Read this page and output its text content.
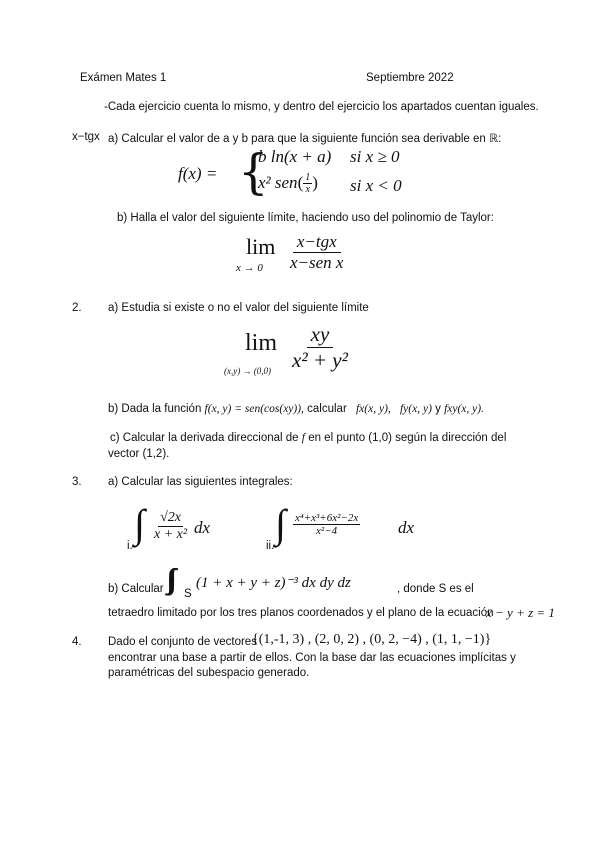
Exámen Mates 1	Septiembre 2022
-Cada ejercicio cuenta lo mismo, y dentro del ejercicio los apartados cuentan iguales.
x−tgx a) Calcular el valor de a y b para que la siguiente función sea derivable en ℝ:
f(x) = {
b ln(x + a) si x ≥ 0
x² $sen( \frac{1}{x}$ ) si x < 0
b) Halla el valor del siguiente límite, haciendo uso del polinomio de Taylor:
lim
$x \to 0 \frac{\text{x−tgx}}{\text{x−sen x}}$
2. a) Estudia si existe o no el valor del siguiente límite
lim
$(x,y) \to (0,0) \frac{xy}{\text{x² + y²}}$
b) Dada la función f(x, y) = sen(cos(xy)), calcular fx(x, y), fy(x, y) y fxy(x, y).
c) Calcular la derivada direccional de f en el punto (1,0) según la dirección del
vector (1,2).
3. a) Calcular las siguientes integrales:
i. ∫ $\frac{√2x}{\text{x + x²}}$ dx
ii. ∫ $\frac{\text{x⁴+x³+6x²−2x}}{\text{x²−4}}$ dx
b) Calcular S
(1 + x + y + z)⁻³ dx dy dz	, donde S es el
tetraedro limitado por los tres planos coordenados y el plano de la ecuación
x − y + z = 1
4. Dado el conjunto de vectores
{(1,-1, 3) , (2, 0, 2) , (0, 2, −4) , (1, 1, −1)}
encontrar una base a partir de ellos. Con la base dar las ecuaciones implícitas y
paramétricas del subespacio generado.
